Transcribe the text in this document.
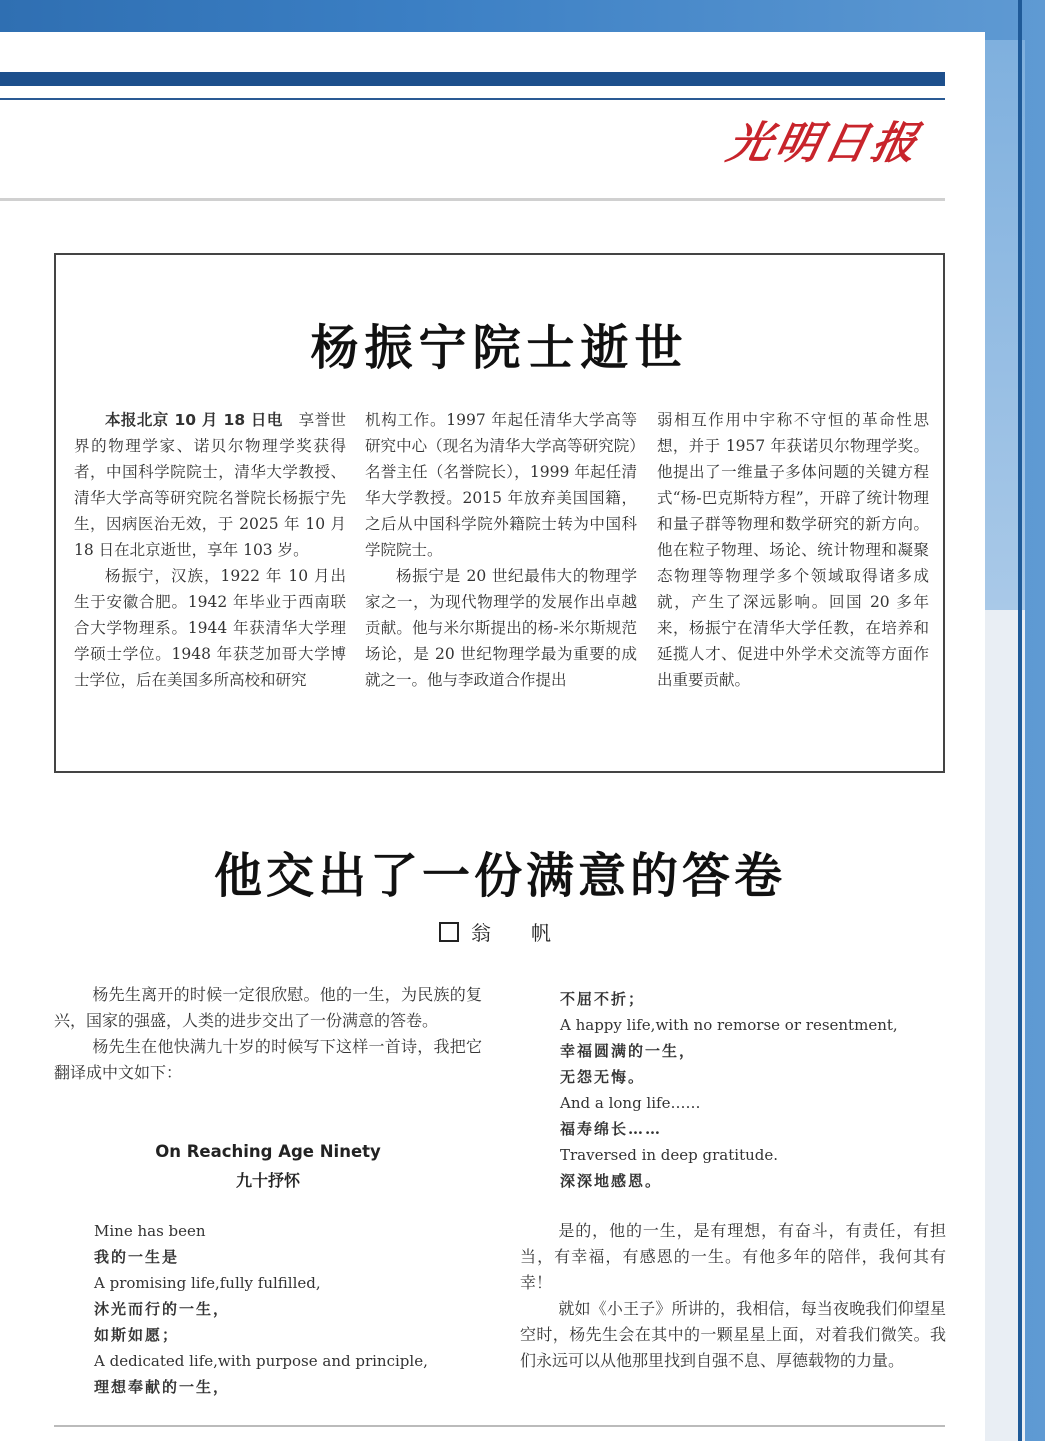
光明日报
杨振宁院士逝世

本报北京 10 月 18 日电　 享誉世界的物理学家、诺贝尔物理学奖获得者，中国科学院院士，清华大学教授、清华大学高等研究院名誉院长杨振宁先生，因病医治无效，于 2025 年 10 月 18 日在北京逝世，享年 103 岁。

杨振宁，汉族，1922 年 10 月出生于安徽合肥。1942 年毕业于西南联合大学物理系。1944 年获清华大学理学硕士学位。1948 年获芝加哥大学博士学位，后在美国多所高校和研究

机构工作。1997 年起任清华大学高等研究中心（现名为清华大学高等研究院）名誉主任（名誉院长），1999 年起任清华大学教授。2015 年放弃美国国籍，之后从中国科学院外籍院士转为中国科学院院士。

杨振宁是 20 世纪最伟大的物理学家之一，为现代物理学的发展作出卓越贡献。他与米尔斯提出的杨-米尔斯规范场论，是 20 世纪物理学最为重要的成就之一。他与李政道合作提出

弱相互作用中宇称不守恒的革命性思想，并于 1957 年获诺贝尔物理学奖。他提出了一维量子多体问题的关键方程式“杨-巴克斯特方程”，开辟了统计物理和量子群等物理和数学研究的新方向。他在粒子物理、场论、统计物理和凝聚态物理等物理学多个领域取得诸多成就，产生了深远影响。回国 20 多年来，杨振宁在清华大学任教，在培养和延揽人才、促进中外学术交流等方面作出重要贡献。

他交出了一份满意的答卷
翁　帆

杨先生离开的时候一定很欣慰。他的一生，为民族的复兴，国家的强盛，人类的进步交出了一份满意的答卷。

杨先生在他快满九十岁的时候写下这样一首诗，我把它翻译成中文如下：

On Reaching Age Ninety
九十抒怀
Mine has been
我的一生是
A promising life,fully fulfilled,
沐光而行的一生，
如斯如愿；
A dedicated life,with purpose and principle,
理想奉献的一生，
不屈不折；
A happy life,with no remorse or resentment,
幸福圆满的一生，
无怨无悔。
And a long life……
福寿绵长……
Traversed in deep gratitude.
深深地感恩。

是的，他的一生，是有理想，有奋斗，有责任，有担当，有幸福，有感恩的一生。有他多年的陪伴，我何其有幸！

就如《小王子》所讲的，我相信，每当夜晚我们仰望星空时，杨先生会在其中的一颗星星上面，对着我们微笑。我们永远可以从他那里找到自强不息、厚德载物的力量。
